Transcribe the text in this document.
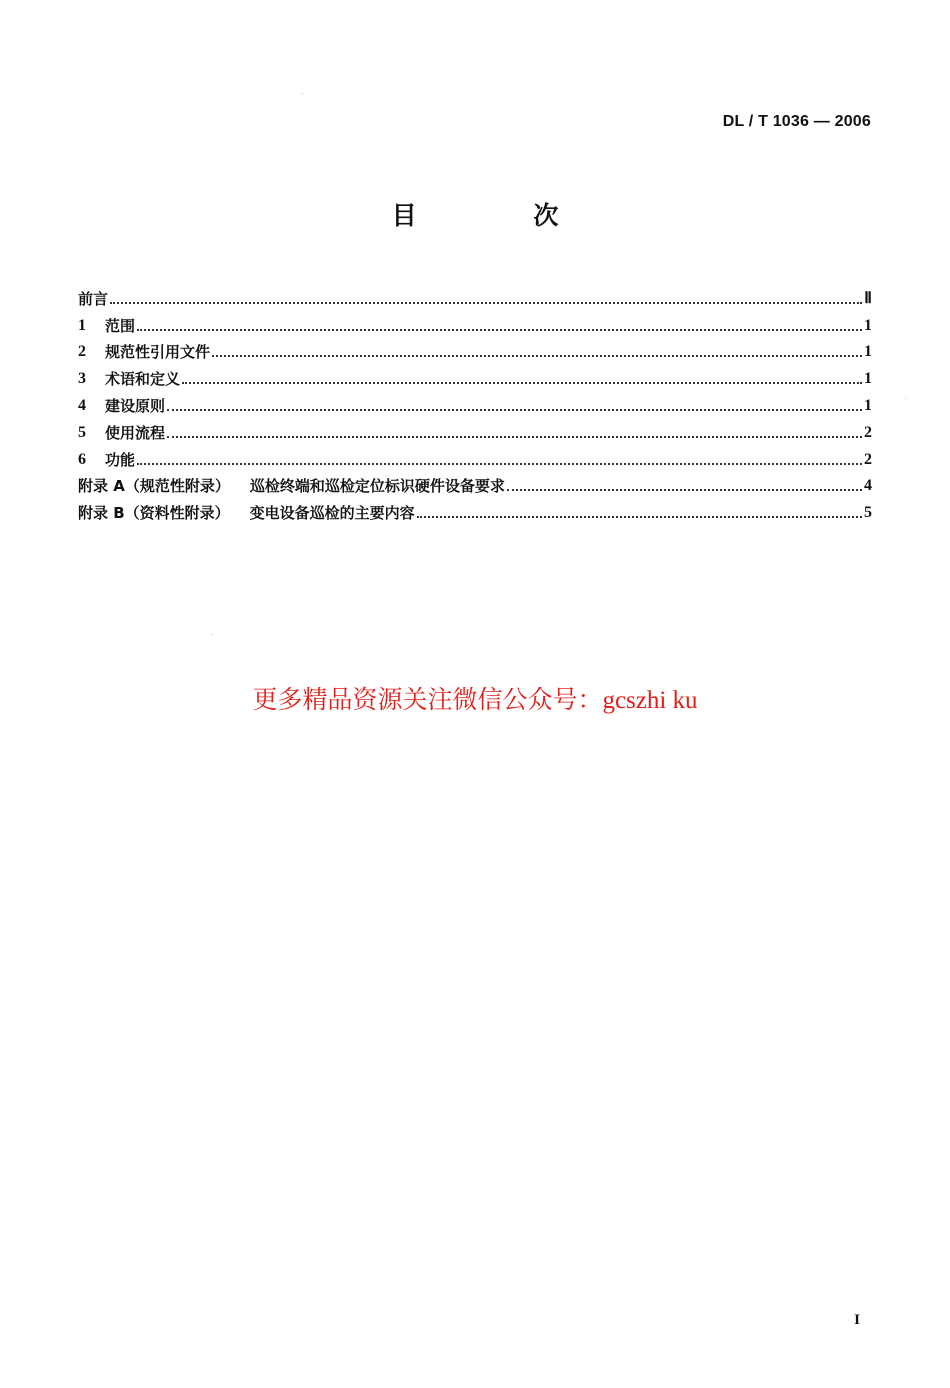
DL / T 1036 — 2006
目 次
前言	Ⅱ
1	范围	1
2	规范性引用文件	1
3	术语和定义	1
4	建设原则	1
5	使用流程	2
6	功能	2
附录 A（规范性附录） 巡检终端和巡检定位标识硬件设备要求	4
附录 B（资料性附录） 变电设备巡检的主要内容	5
更多精品资源关注微信公众号：gcszhi ku
I
